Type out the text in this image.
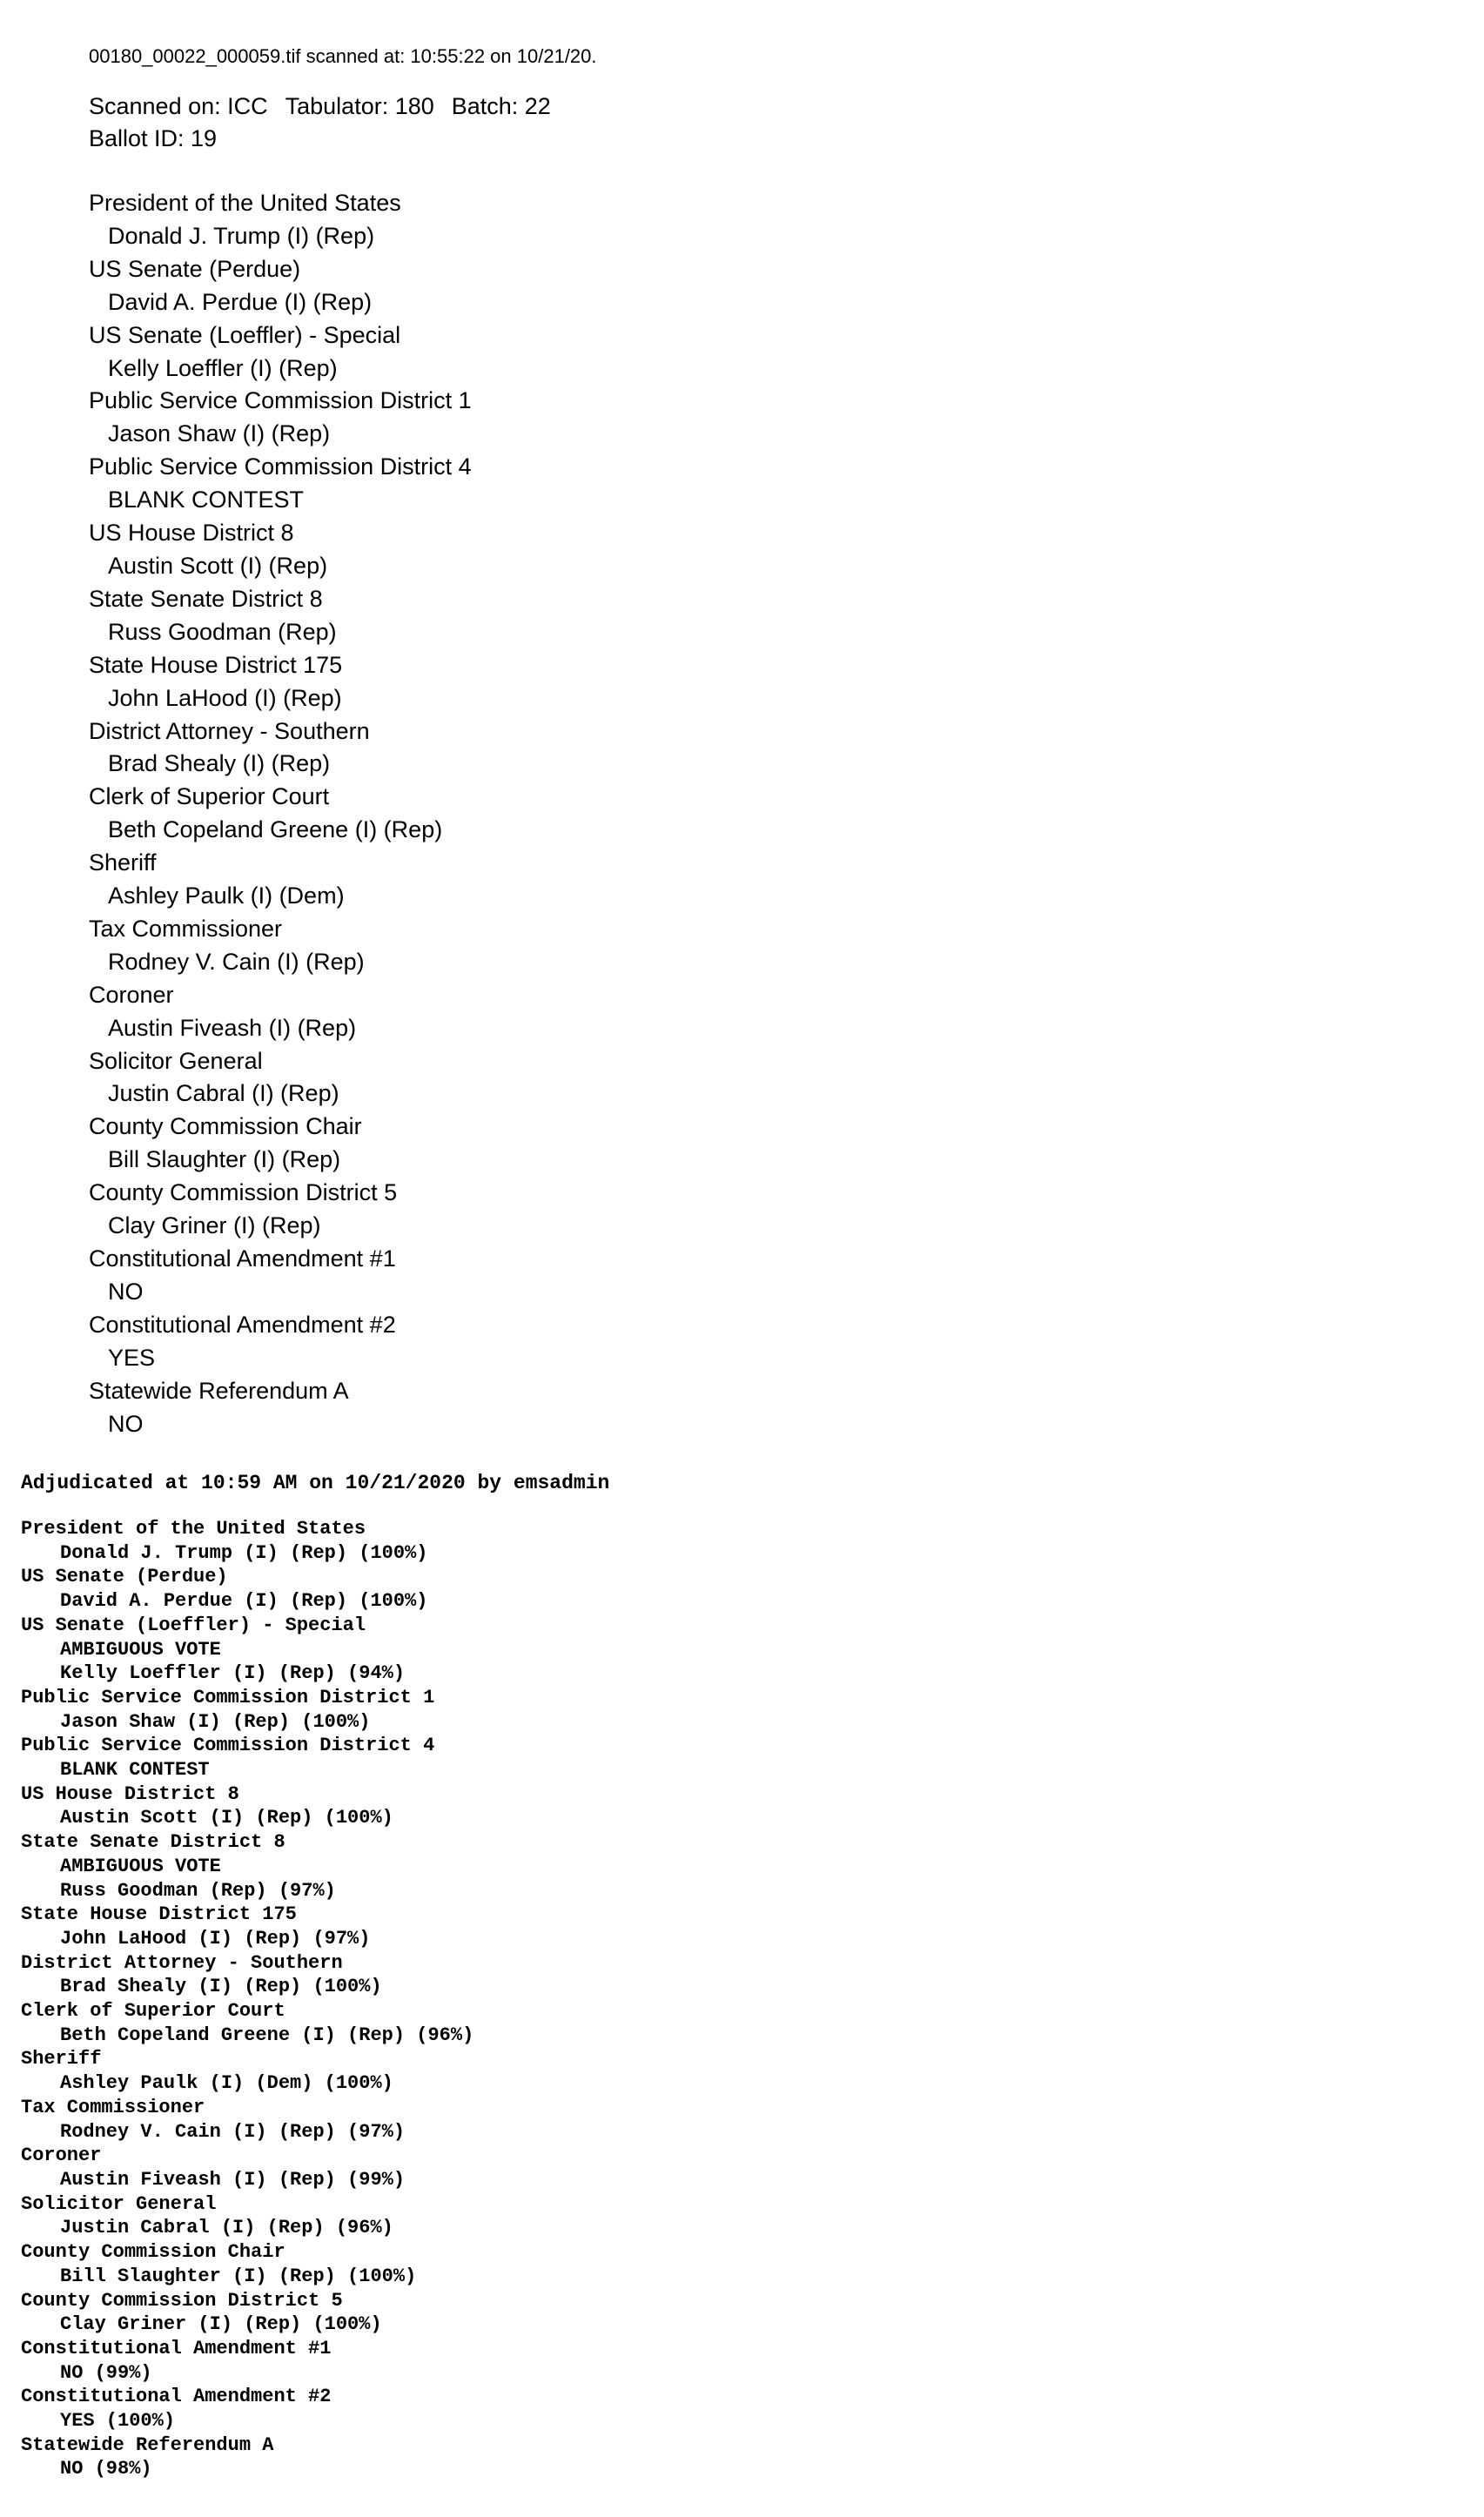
00180_00022_000059.tif scanned at: 10:55:22 on 10/21/20.
Scanned on: ICC Tabulator: 180 Batch: 22
Ballot ID: 19
President of the United States
Donald J. Trump (I) (Rep)
US Senate (Perdue)
David A. Perdue (I) (Rep)
US Senate (Loeffler) - Special
Kelly Loeffler (I) (Rep)
Public Service Commission District 1
Jason Shaw (I) (Rep)
Public Service Commission District 4
BLANK CONTEST
US House District 8
Austin Scott (I) (Rep)
State Senate District 8
Russ Goodman (Rep)
State House District 175
John LaHood (I) (Rep)
District Attorney - Southern
Brad Shealy (I) (Rep)
Clerk of Superior Court
Beth Copeland Greene (I) (Rep)
Sheriff
Ashley Paulk (I) (Dem)
Tax Commissioner
Rodney V. Cain (I) (Rep)
Coroner
Austin Fiveash (I) (Rep)
Solicitor General
Justin Cabral (I) (Rep)
County Commission Chair
Bill Slaughter (I) (Rep)
County Commission District 5
Clay Griner (I) (Rep)
Constitutional Amendment #1
NO
Constitutional Amendment #2
YES
Statewide Referendum A
NO
Adjudicated at 10:59 AM on 10/21/2020 by emsadmin
President of the United States
Donald J. Trump (I) (Rep) (100%)
US Senate (Perdue)
David A. Perdue (I) (Rep) (100%)
US Senate (Loeffler) - Special
AMBIGUOUS VOTE
Kelly Loeffler (I) (Rep) (94%)
Public Service Commission District 1
Jason Shaw (I) (Rep) (100%)
Public Service Commission District 4
BLANK CONTEST
US House District 8
Austin Scott (I) (Rep) (100%)
State Senate District 8
AMBIGUOUS VOTE
Russ Goodman (Rep) (97%)
State House District 175
John LaHood (I) (Rep) (97%)
District Attorney - Southern
Brad Shealy (I) (Rep) (100%)
Clerk of Superior Court
Beth Copeland Greene (I) (Rep) (96%)
Sheriff
Ashley Paulk (I) (Dem) (100%)
Tax Commissioner
Rodney V. Cain (I) (Rep) (97%)
Coroner
Austin Fiveash (I) (Rep) (99%)
Solicitor General
Justin Cabral (I) (Rep) (96%)
County Commission Chair
Bill Slaughter (I) (Rep) (100%)
County Commission District 5
Clay Griner (I) (Rep) (100%)
Constitutional Amendment #1
NO (99%)
Constitutional Amendment #2
YES (100%)
Statewide Referendum A
NO (98%)
